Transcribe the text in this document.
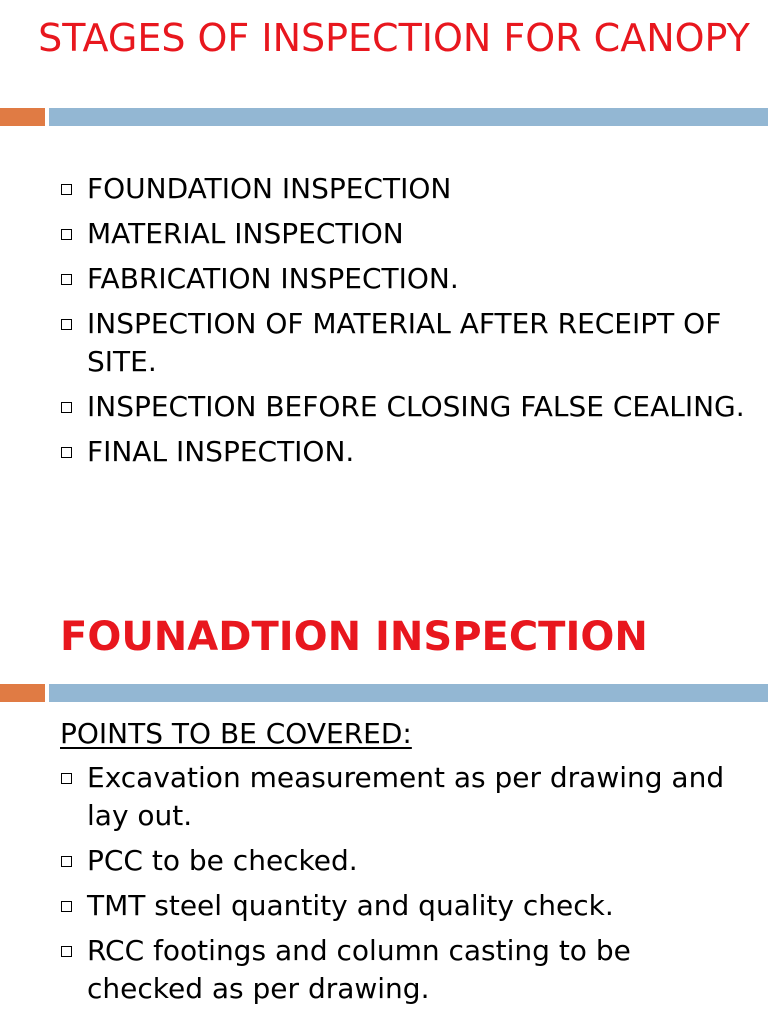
STAGES OF INSPECTION FOR CANOPY
FOUNDATION INSPECTION
MATERIAL INSPECTION
FABRICATION INSPECTION.
INSPECTION OF MATERIAL AFTER RECEIPT OF SITE.
INSPECTION BEFORE CLOSING FALSE CEALING.
FINAL INSPECTION.
FOUNADTION INSPECTION
POINTS TO BE COVERED:
Excavation measurement as per drawing and lay out.
PCC to be checked.
TMT steel quantity and quality check.
RCC footings and column casting to be checked as per drawing.
